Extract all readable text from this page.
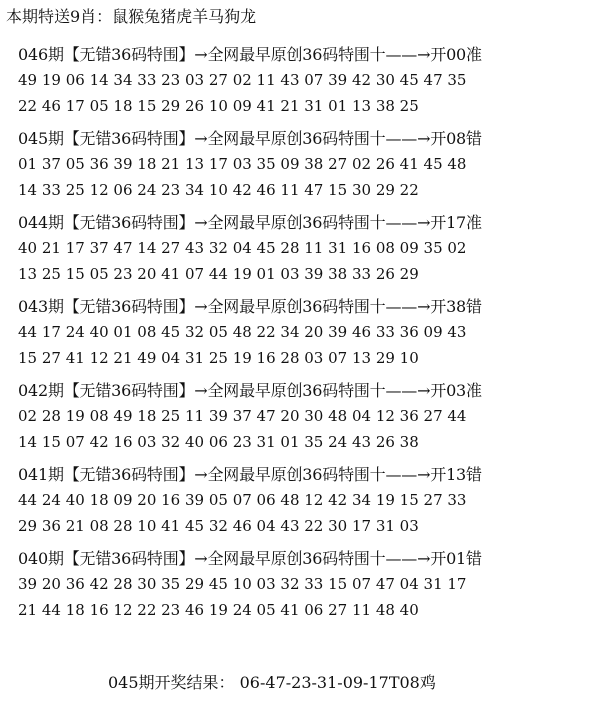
本期特送9肖：鼠猴兔猪虎羊马狗龙
046期【无错36码特围】→全网最早原创36码特围十——→开00准
49 19 06 14 34 33 23 03 27 02 11 43 07 39 42 30 45 47 35
22 46 17 05 18 15 29 26 10 09 41 21 31 01 13 38 25
045期【无错36码特围】→全网最早原创36码特围十——→开08错
01 37 05 36 39 18 21 13 17 03 35 09 38 27 02 26 41 45 48
14 33 25 12 06 24 23 34 10 42 46 11 47 15 30 29 22
044期【无错36码特围】→全网最早原创36码特围十——→开17准
40 21 17 37 47 14 27 43 32 04 45 28 11 31 16 08 09 35 02
13 25 15 05 23 20 41 07 44 19 01 03 39 38 33 26 29
043期【无错36码特围】→全网最早原创36码特围十——→开38错
44 17 24 40 01 08 45 32 05 48 22 34 20 39 46 33 36 09 43
15 27 41 12 21 49 04 31 25 19 16 28 03 07 13 29 10
042期【无错36码特围】→全网最早原创36码特围十——→开03准
02 28 19 08 49 18 25 11 39 37 47 20 30 48 04 12 36 27 44
14 15 07 42 16 03 32 40 06 23 31 01 35 24 43 26 38
041期【无错36码特围】→全网最早原创36码特围十——→开13错
44 24 40 18 09 20 16 39 05 07 06 48 12 42 34 19 15 27 33
29 36 21 08 28 10 41 45 32 46 04 43 22 30 17 31 03
040期【无错36码特围】→全网最早原创36码特围十——→开01错
39 20 36 42 28 30 35 29 45 10 03 32 33 15 07 47 04 31 17
21 44 18 16 12 22 23 46 19 24 05 41 06 27 11 48 40
045期开奖结果： 06-47-23-31-09-17T08鸡
